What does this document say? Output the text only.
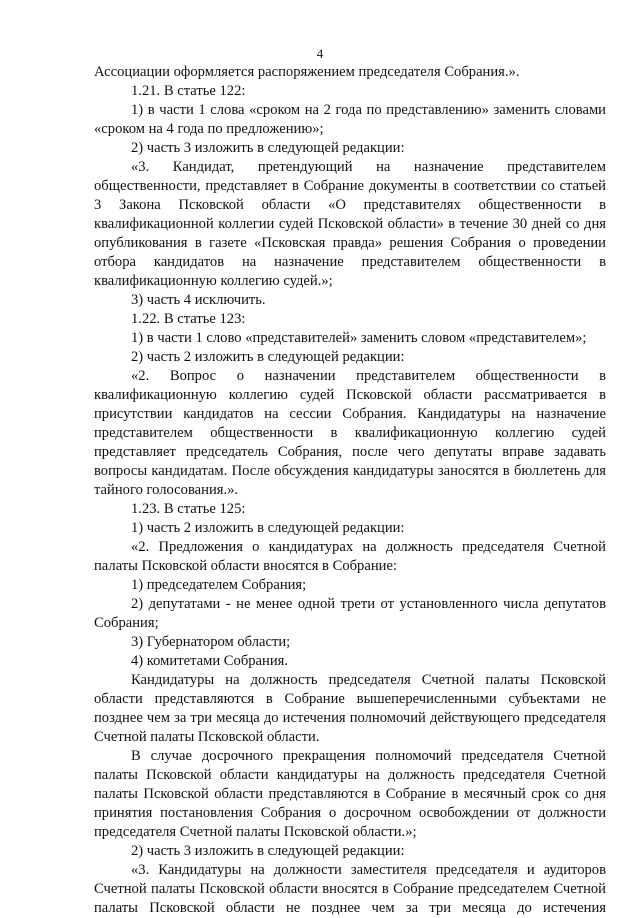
4

Ассоциации оформляется распоряжением председателя Собрания.».

1.21. В статье 122:

1) в части 1 слова «сроком на 2 года по представлению» заменить словами «сроком на 4 года по предложению»;

2) часть 3 изложить в следующей редакции:

«3. Кандидат, претендующий на назначение представителем общественности, представляет в Собрание документы в соответствии со статьей 3 Закона Псковской области «О представителях общественности в квалификационной коллегии судей Псковской области» в течение 30 дней со дня опубликования в газете «Псковская правда» решения Собрания о проведении отбора кандидатов на назначение представителем общественности в квалификационную коллегию судей.»;

3) часть 4 исключить.

1.22. В статье 123:

1) в части 1 слово «представителей» заменить словом «представителем»;

2) часть 2 изложить в следующей редакции:

«2. Вопрос о назначении представителем общественности в квалификационную коллегию судей Псковской области рассматривается в присутствии кандидатов на сессии Собрания. Кандидатуры на назначение представителем общественности в квалификационную коллегию судей представляет председатель Собрания, после чего депутаты вправе задавать вопросы кандидатам. После обсуждения кандидатуры заносятся в бюллетень для тайного голосования.».

1.23. В статье 125:

1) часть 2 изложить в следующей редакции:

«2. Предложения о кандидатурах на должность председателя Счетной палаты Псковской области вносятся в Собрание:

1) председателем Собрания;

2) депутатами - не менее одной трети от установленного числа депутатов Собрания;

3) Губернатором области;

4) комитетами Собрания.

Кандидатуры на должность председателя Счетной палаты Псковской области представляются в Собрание вышеперечисленными субъектами не позднее чем за три месяца до истечения полномочий действующего председателя Счетной палаты Псковской области.

В случае досрочного прекращения полномочий председателя Счетной палаты Псковской области кандидатуры на должность председателя Счетной палаты Псковской области представляются в Собрание в месячный срок со дня принятия постановления Собрания о досрочном освобождении от должности председателя Счетной палаты Псковской области.»;

2) часть 3 изложить в следующей редакции:

«3. Кандидатуры на должности заместителя председателя и аудиторов Счетной палаты Псковской области вносятся в Собрание председателем Счетной палаты Псковской области не позднее чем за три месяца до истечения
